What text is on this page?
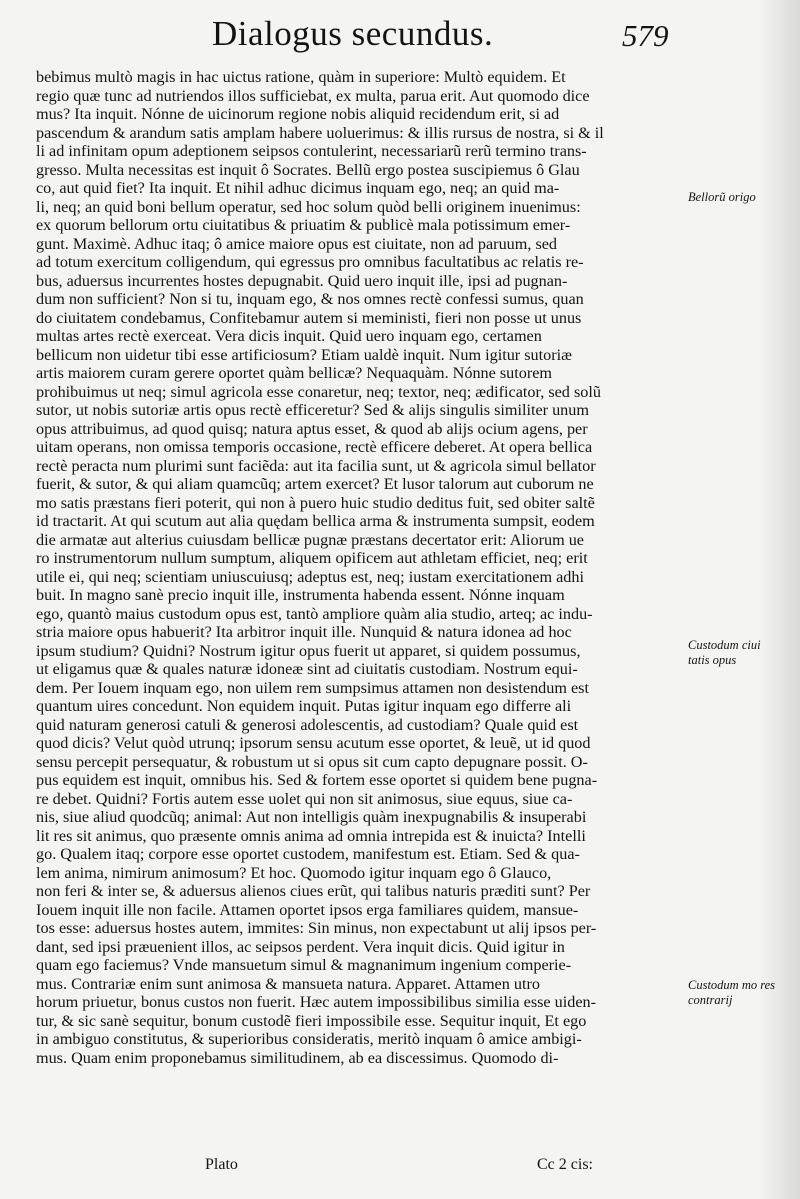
Dialogus secundus.	579
bebimus multò magis in hac uictus ratione, quàm in superiore: Multò equidem. Et
regio quæ tunc ad nutriendos illos sufficiebat, ex multa, parua erit. Aut quomodo dice
mus? Ita inquit. Nónne de uicinorum regione nobis aliquid recidendum erit, si ad
pascendum & arandum satis amplam habere uoluerimus: & illis rursus de nostra, si & il
li ad infinitam opum adeptionem seipsos contulerint, necessariarũ rerũ termino trans-
gresso. Multa necessitas est inquit ô Socrates. Bellũ ergo postea suscipiemus ô Glau
co, aut quid fiet? Ita inquit. Et nihil adhuc dicimus inquam ego, neq; an quid ma-
li, neq; an quid boni bellum operatur, sed hoc solum quòd belli originem inuenimus:
ex quorum bellorum ortu ciuitatibus & priuatim & publicè mala potissimum emer-
gunt. Maximè. Adhuc itaq; ô amice maiore opus est ciuitate, non ad paruum, sed
ad totum exercitum colligendum, qui egressus pro omnibus facultatibus ac relatis re-
bus, aduersus incurrentes hostes depugnabit. Quid uero inquit ille, ipsi ad pugnan-
dum non sufficient? Non si tu, inquam ego, & nos omnes rectè confessi sumus, quan
do ciuitatem condebamus, Confitebamur autem si meministi, fieri non posse ut unus
multas artes rectè exerceat. Vera dicis inquit. Quid uero inquam ego, certamen
bellicum non uidetur tibi esse artificiosum? Etiam ualdè inquit. Num igitur sutoriæ
artis maiorem curam gerere oportet quàm bellicæ? Nequaquàm. Nónne sutorem
prohibuimus ut neq; simul agricola esse conaretur, neq; textor, neq; ædificator, sed solũ
sutor, ut nobis sutoriæ artis opus rectè efficeretur? Sed & alijs singulis similiter unum
opus attribuimus, ad quod quisq; natura aptus esset, & quod ab alijs ocium agens, per
uitam operans, non omissa temporis occasione, rectè efficere deberet. At opera bellica
rectè peracta num plurimi sunt faciẽda: aut ita facilia sunt, ut & agricola simul bellator
fuerit, & sutor, & qui aliam quamcũq; artem exercet? Et lusor talorum aut cuborum ne
mo satis præstans fieri poterit, qui non à puero huic studio deditus fuit, sed obiter saltẽ
id tractarit. At qui scutum aut alia quędam bellica arma & instrumenta sumpsit, eodem
die armatæ aut alterius cuiusdam bellicæ pugnæ præstans decertator erit: Aliorum ue
ro instrumentorum nullum sumptum, aliquem opificem aut athletam efficiet, neq; erit
utile ei, qui neq; scientiam uniuscuiusq; adeptus est, neq; iustam exercitationem adhi
buit. In magno sanè precio inquit ille, instrumenta habenda essent. Nónne inquam
ego, quantò maius custodum opus est, tantò ampliore quàm alia studio, arteq; ac indu-
stria maiore opus habuerit? Ita arbitror inquit ille. Nunquid & natura idonea ad hoc
ipsum studium? Quidni? Nostrum igitur opus fuerit ut apparet, si quidem possumus,
ut eligamus quæ & quales naturæ idoneæ sint ad ciuitatis custodiam. Nostrum equi-
dem. Per Iouem inquam ego, non uilem rem sumpsimus attamen non desistendum est
quantum uires concedunt. Non equidem inquit. Putas igitur inquam ego differre ali
quid naturam generosi catuli & generosi adolescentis, ad custodiam? Quale quid est
quod dicis? Velut quòd utrunq; ipsorum sensu acutum esse oportet, & leuẽ, ut id quod
sensu percepit persequatur, & robustum ut si opus sit cum capto depugnare possit. O-
pus equidem est inquit, omnibus his. Sed & fortem esse oportet si quidem bene pugna-
re debet. Quidni? Fortis autem esse uolet qui non sit animosus, siue equus, siue ca-
nis, siue aliud quodcũq; animal: Aut non intelligis quàm inexpugnabilis & insuperabi
lit res sit animus, quo præsente omnis anima ad omnia intrepida est & inuicta? Intelli
go. Qualem itaq; corpore esse oportet custodem, manifestum est. Etiam. Sed & qua-
lem anima, nimirum animosum? Et hoc. Quomodo igitur inquam ego ô Glauco,
non feri & inter se, & aduersus alienos ciues erũt, qui talibus naturis præditi sunt? Per
Iouem inquit ille non facile. Attamen oportet ipsos erga familiares quidem, mansue-
tos esse: aduersus hostes autem, immites: Sin minus, non expectabunt ut alij ipsos per-
dant, sed ipsi præuenient illos, ac seipsos perdent. Vera inquit dicis. Quid igitur in
quam ego faciemus? Vnde mansuetum simul & magnanimum ingenium comperie-
mus. Contrariæ enim sunt animosa & mansueta natura. Apparet. Attamen utro
horum priuetur, bonus custos non fuerit. Hæc autem impossibilibus similia esse uiden-
tur, & sic sanè sequitur, bonum custodẽ fieri impossibile esse. Sequitur inquit, Et ego
in ambiguo constitutus, & superioribus consideratis, meritò inquam ô amice ambigi-
mus. Quam enim proponebamus similitudinem, ab ea discessimus. Quomodo di-
Bellorũ origo
Custodum ciui tatis opus
Custodum mo res contrarij
Plato	Cc 2 cis:
